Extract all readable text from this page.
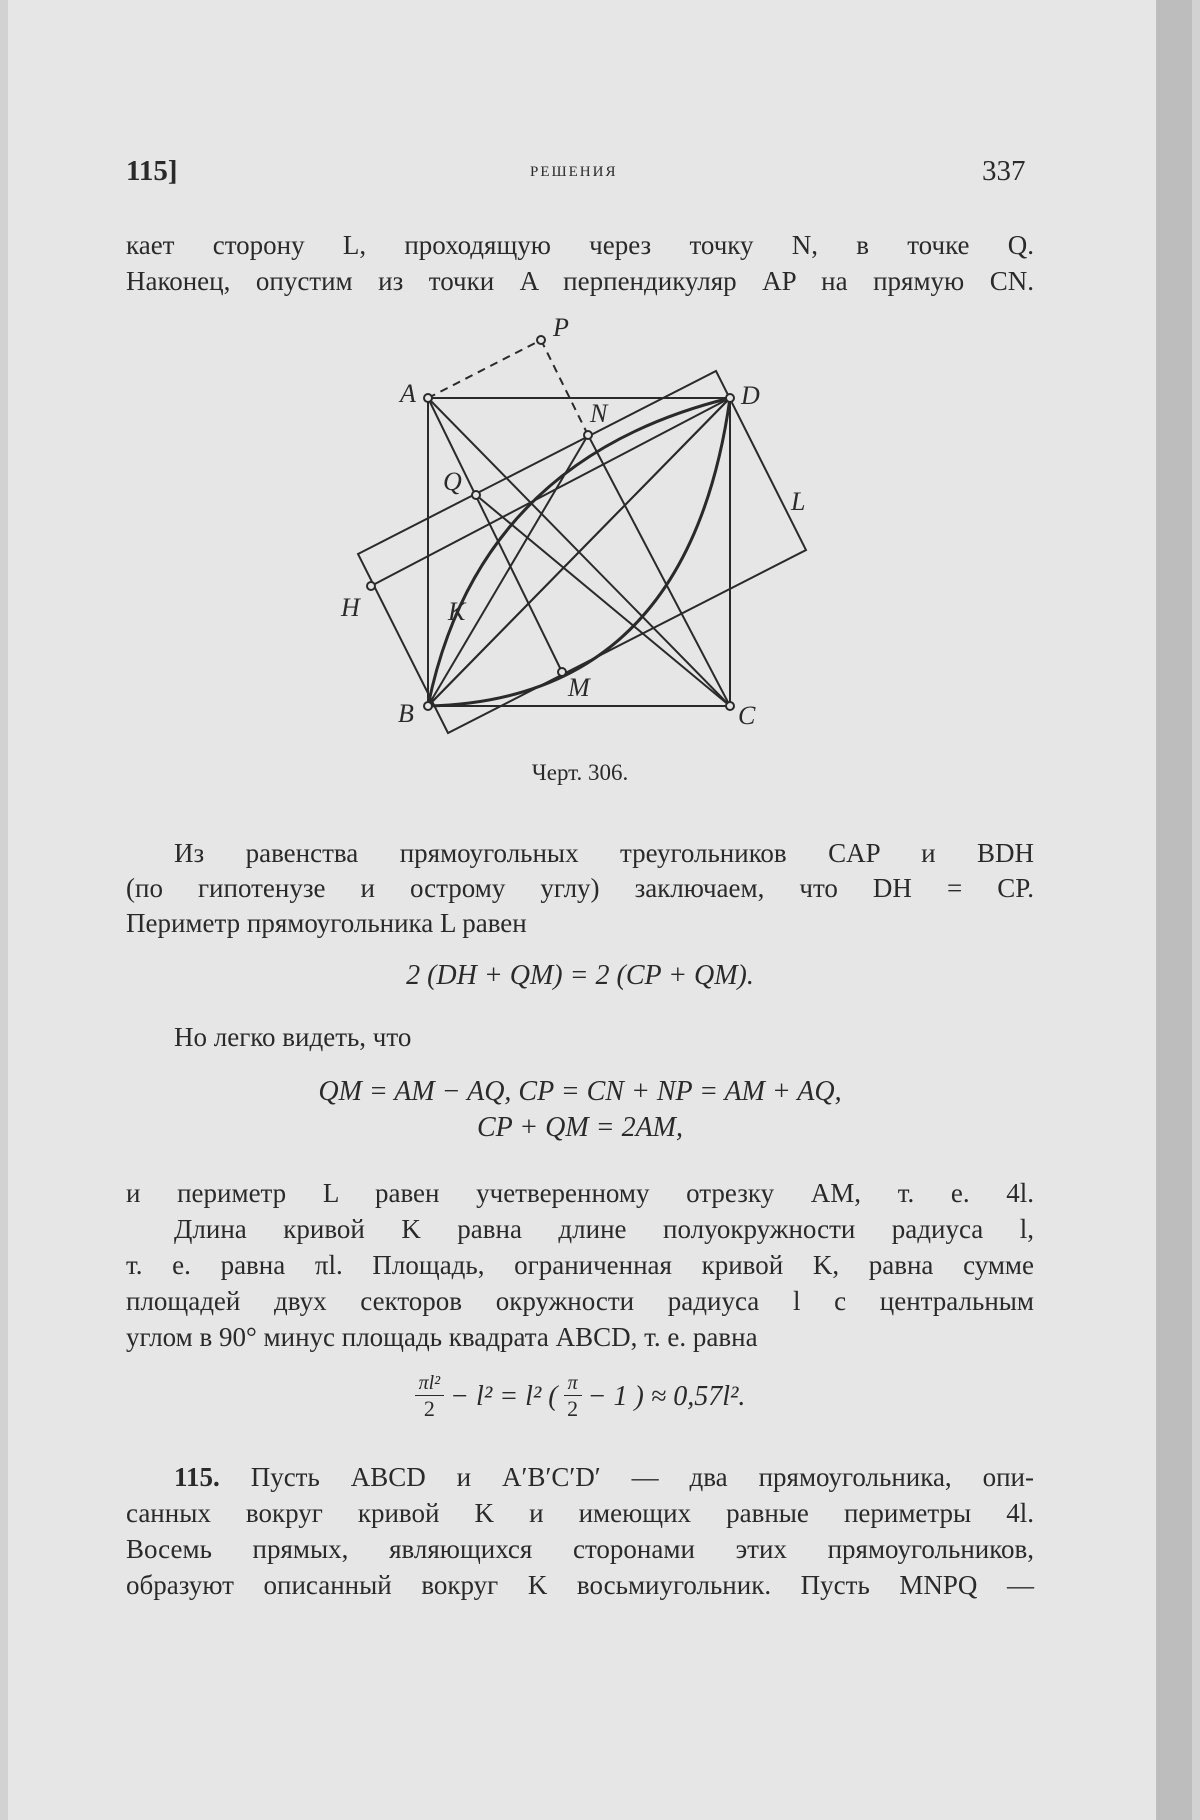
115]	РЕШЕНИЯ	337
кает сторону L, проходящую через точку N, в точке Q.
Наконец, опустим из точки A перпендикуляр AP на прямую CN.
A	D
B	C
P
N
Q
K
M
H
L
Черт. 306.
Из равенства прямоугольных треугольников CAP и BDH
(по гипотенузе и острому углу) заключаем, что DH = CP.
Периметр прямоугольника L равен
2 (DH + QM) = 2 (CP + QM).
Но легко видеть, что
QM = AM − AQ, CP = CN + NP = AM + AQ,
CP + QM = 2AM,
и периметр L равен учетверенному отрезку AM, т. е. 4l.
Длина кривой K равна длине полуокружности радиуса l,
т. е. равна πl. Площадь, ограниченная кривой K, равна сумме
площадей двух секторов окружности радиуса l с центральным
углом в 90° минус площадь квадрата ABCD, т. е. равна
$\frac{\text{πl²}}{2} - l^2 = l^2$ ( π
2 − 1 ) ≈ 0,57l².
115. Пусть ABCD и A′B′C′D′ — два прямоугольника, опи-
санных вокруг кривой K и имеющих равные периметры 4l.
Восемь прямых, являющихся сторонами этих прямоугольников,
образуют описанный вокруг K восьмиугольник. Пусть MNPQ —
